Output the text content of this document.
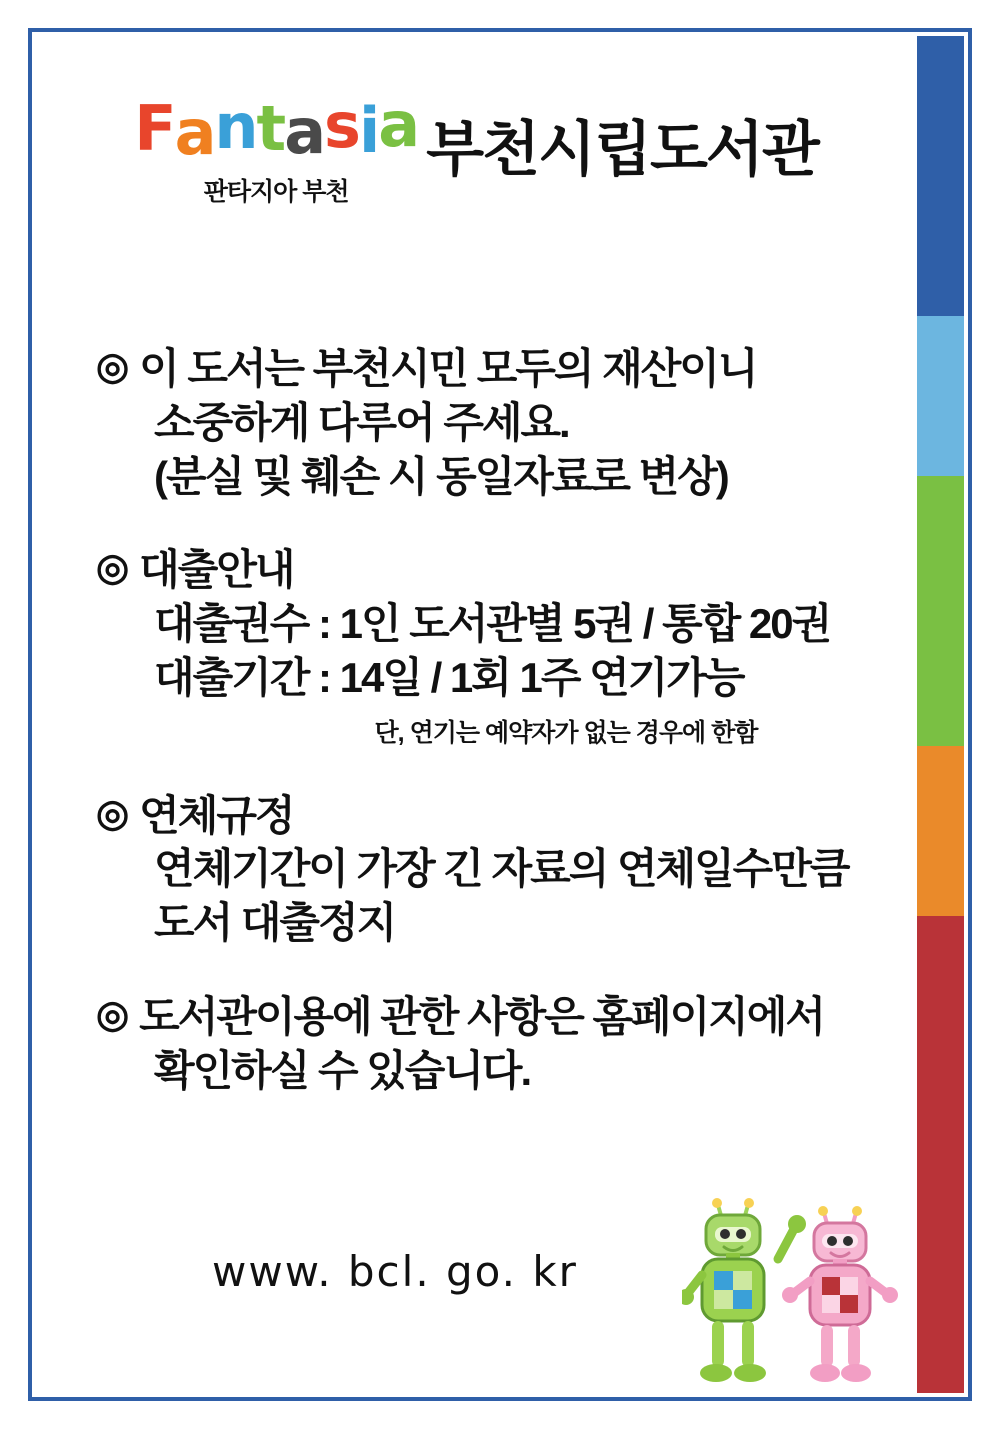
Fantasia
판타지아 부천
부천시립도서관
◎ 이 도서는 부천시민 모두의 재산이니
소중하게 다루어 주세요.
(분실 및 훼손 시 동일자료로 변상)
◎ 대출안내
대출권수 : 1인 도서관별 5권 / 통합 20권
대출기간 : 14일 / 1회 1주 연기가능
단, 연기는 예약자가 없는 경우에 한함
◎ 연체규정
연체기간이 가장 긴 자료의 연체일수만큼
도서 대출정지
◎ 도서관이용에 관한 사항은 홈페이지에서
확인하실 수 있습니다.
www. bcl. go. kr
